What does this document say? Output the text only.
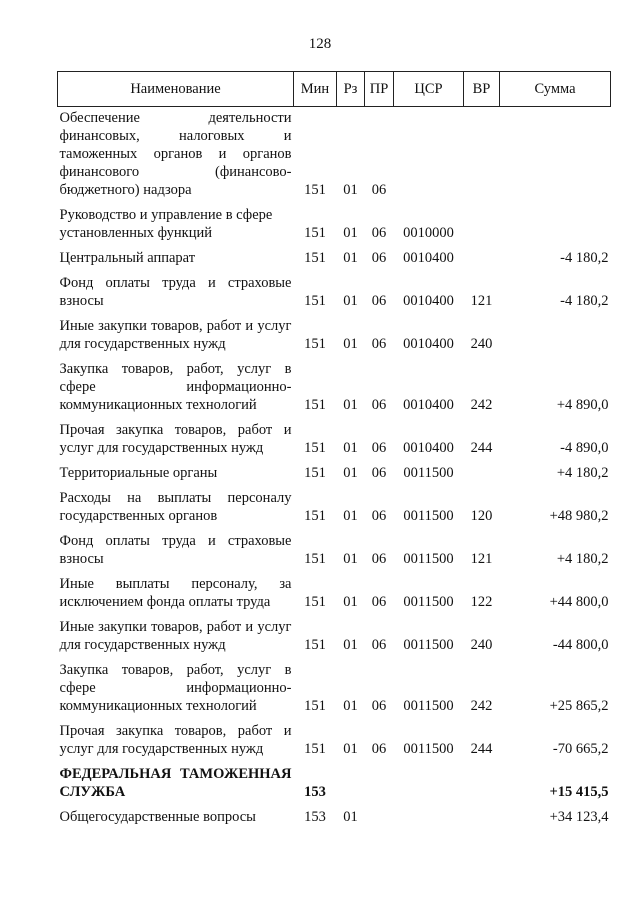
128
Наименование	Мин	Рз	ПР	ЦСР	ВР	Сумма
Обеспечение деятельности финансовых, налоговых и таможенных органов и органов финансового (финансово-бюджетного) надзора	151	01	06			
Руководство и управление в сфере установленных функций	151	01	06	0010000		
Центральный аппарат	151	01	06	0010400		-4 180,2
Фонд оплаты труда и страховые взносы	151	01	06	0010400	121	-4 180,2
Иные закупки товаров, работ и услуг для государственных нужд	151	01	06	0010400	240	
Закупка товаров, работ, услуг в сфере информационно-коммуникационных технологий	151	01	06	0010400	242	+4 890,0
Прочая закупка товаров, работ и услуг для государственных нужд	151	01	06	0010400	244	-4 890,0
Территориальные органы	151	01	06	0011500		+4 180,2
Расходы на выплаты персоналу государственных органов	151	01	06	0011500	120	+48 980,2
Фонд оплаты труда и страховые взносы	151	01	06	0011500	121	+4 180,2
Иные выплаты персоналу, за исключением фонда оплаты труда	151	01	06	0011500	122	+44 800,0
Иные закупки товаров, работ и услуг для государственных нужд	151	01	06	0011500	240	-44 800,0
Закупка товаров, работ, услуг в сфере информационно-коммуникационных технологий	151	01	06	0011500	242	+25 865,2
Прочая закупка товаров, работ и услуг для государственных нужд	151	01	06	0011500	244	-70 665,2
ФЕДЕРАЛЬНАЯ ТАМОЖЕННАЯ СЛУЖБА	153					+15 415,5
Общегосударственные вопросы	153	01				+34 123,4
